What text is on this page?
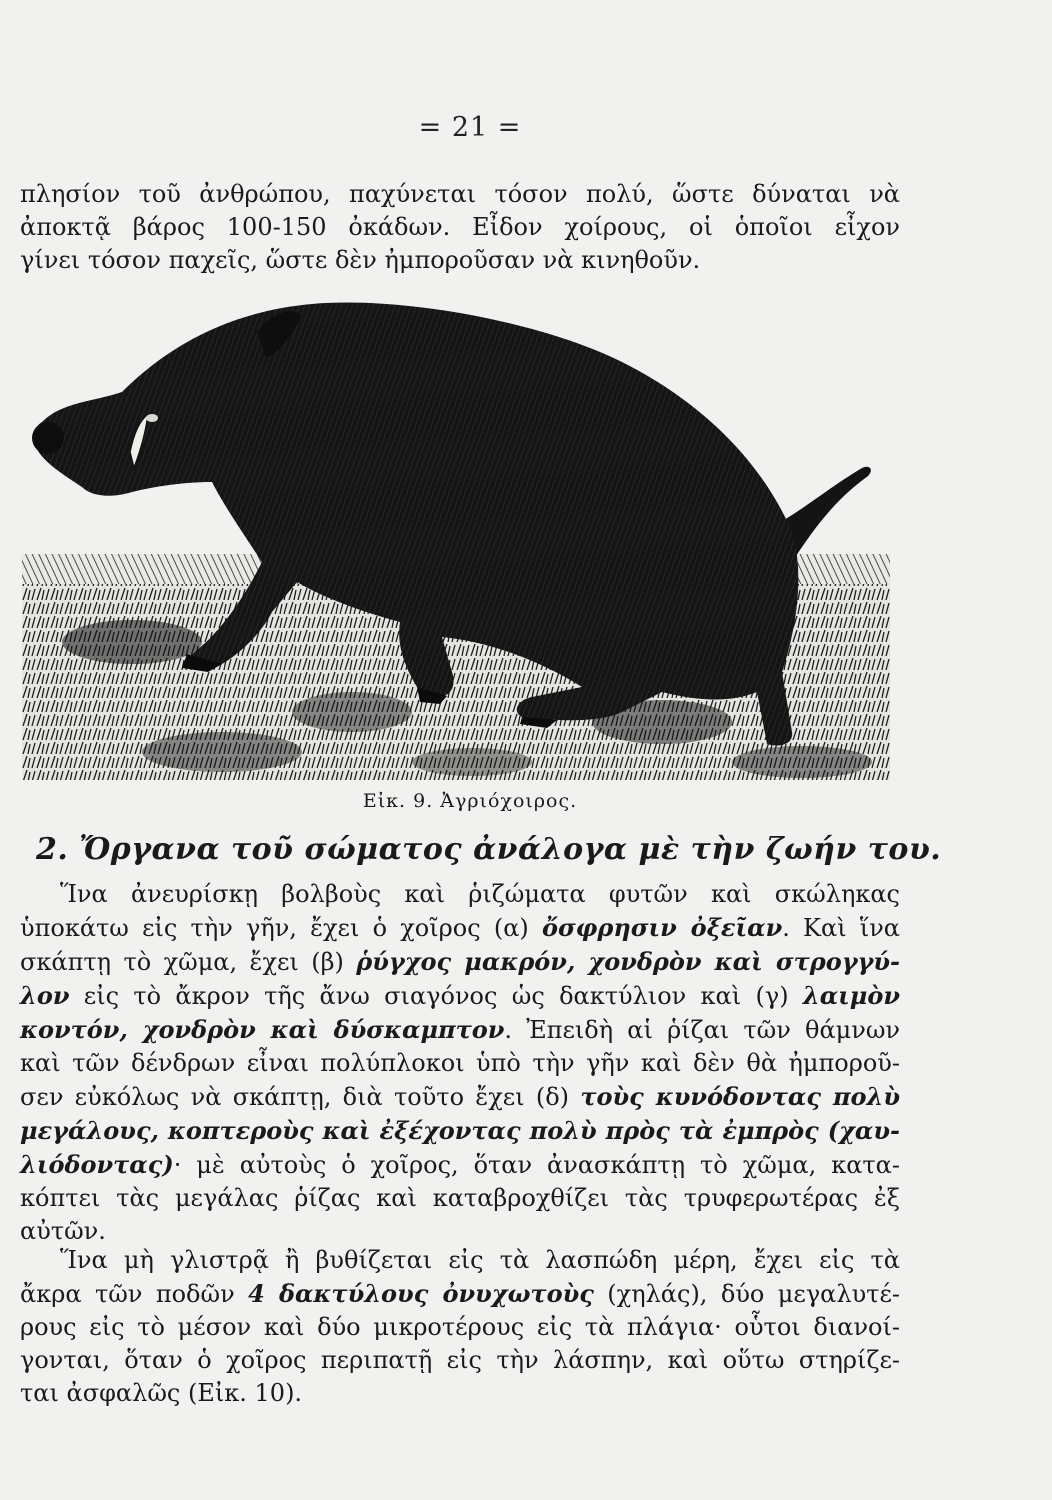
= 21 =

πλησίον τοῦ ἀνθρώπου, παχύνεται τόσον πολύ, ὥστε δύναται νὰ
ἀποκτᾷ βάρος 100-150 ὀκάδων. Εἶδον χοίρους, οἱ ὁποῖοι εἶχον
γίνει τόσον παχεῖς, ὥστε δὲν ἠμποροῦσαν νὰ κινηθοῦν.

Εἰκ. 9. Ἀγριόχοιρος.
2. Ὄργανα τοῦ σώματος ἀνάλογα μὲ τὴν ζωήν του.

Ἵνα ἀνευρίσκῃ βολβοὺς καὶ ῥιζώματα φυτῶν καὶ σκώληκας
ὑποκάτω εἰς τὴν γῆν, ἔχει ὁ χοῖρος (α) ὄσφρησιν ὀξεῖαν. Καὶ ἵνα
σκάπτῃ τὸ χῶμα, ἔχει (β) ῥύγχος μακρόν, χονδρὸν καὶ στρογγύ-
λον εἰς τὸ ἄκρον τῆς ἄνω σιαγόνος ὡς δακτύλιον καὶ (γ) λαιμὸν
κοντόν, χονδρὸν καὶ δύσκαμπτον. Ἐπειδὴ αἱ ῥίζαι τῶν θάμνων
καὶ τῶν δένδρων εἶναι πολύπλοκοι ὑπὸ τὴν γῆν καὶ δὲν θὰ ἠμποροῦ-
σεν εὐκόλως νὰ σκάπτῃ, διὰ τοῦτο ἔχει (δ) τοὺς κυνόδοντας πολὺ
μεγάλους, κοπτεροὺς καὶ ἐξέχοντας πολὺ πρὸς τὰ ἐμπρὸς (χαυ-
λιόδοντας)· μὲ αὐτοὺς ὁ χοῖρος, ὅταν ἀνασκάπτῃ τὸ χῶμα, κατα-
κόπτει τὰς μεγάλας ῥίζας καὶ καταβροχθίζει τὰς τρυφερωτέρας ἐξ
αὐτῶν.

Ἵνα μὴ γλιστρᾷ ἢ βυθίζεται εἰς τὰ λασπώδη μέρη, ἔχει εἰς τὰ
ἄκρα τῶν ποδῶν 4 δακτύλους ὀνυχωτοὺς (χηλάς), δύο μεγαλυτέ-
ρους εἰς τὸ μέσον καὶ δύο μικροτέρους εἰς τὰ πλάγια· οὗτοι διανοί-
γονται, ὅταν ὁ χοῖρος περιπατῇ εἰς τὴν λάσπην, καὶ οὕτω στηρίζε-
ται ἀσφαλῶς (Εἰκ. 10).
